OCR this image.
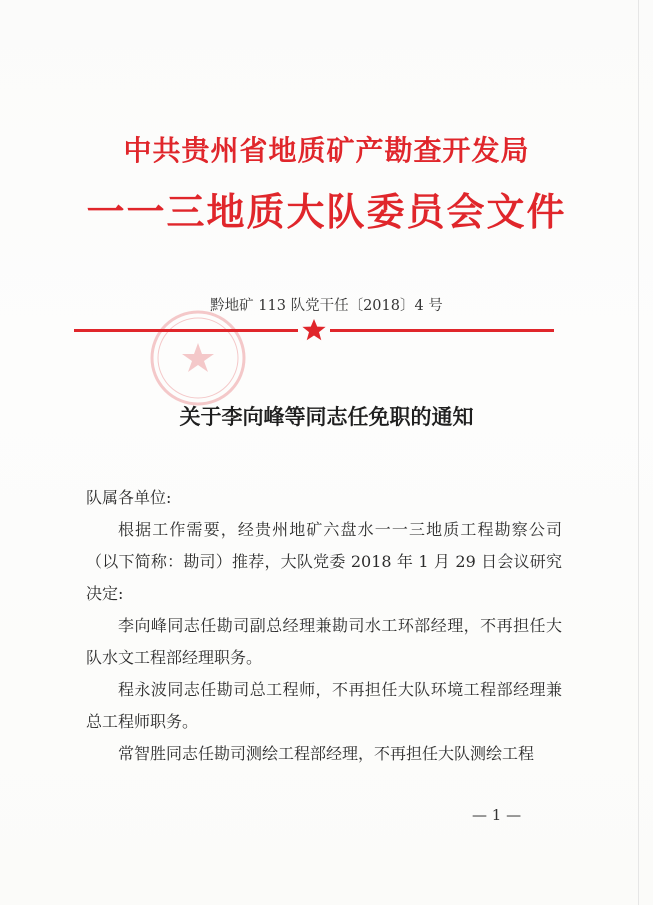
中共贵州省地质矿产勘查开发局
一一三地质大队委员会文件
黔地矿 113 队党干任〔2018〕4 号
关于李向峰等同志任免职的通知

队属各单位:

根据工作需要，经贵州地矿六盘水一一三地质工程勘察公司（以下简称：勘司）推荐，大队党委 2018 年 1 月 29 日会议研究决定:

李向峰同志任勘司副总经理兼勘司水工环部经理，不再担任大队水文工程部经理职务。

程永波同志任勘司总工程师，不再担任大队环境工程部经理兼总工程师职务。

常智胜同志任勘司测绘工程部经理，不再担任大队测绘工程

— 1 —
